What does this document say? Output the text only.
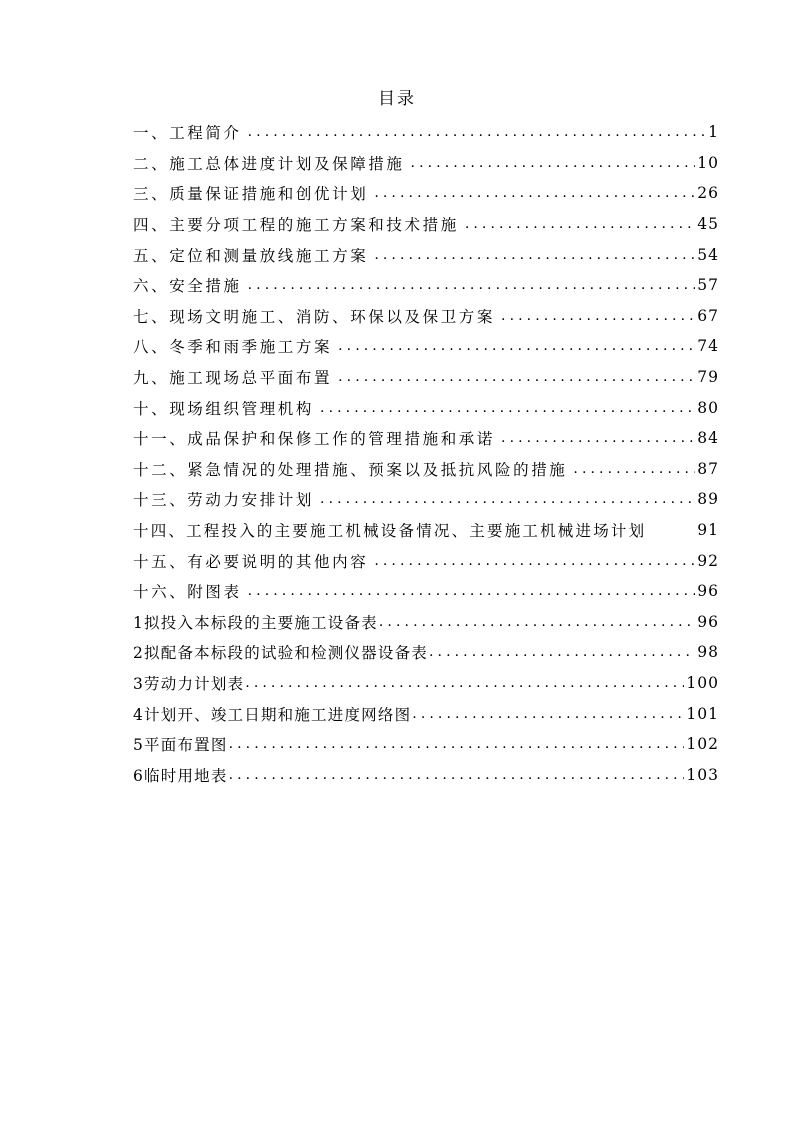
目录
一、工程简介 .....	1
二、施工总体进度计划及保障措施 .....	10
三、质量保证措施和创优计划 .....	26
四、主要分项工程的施工方案和技术措施 .....	45
五、定位和测量放线施工方案 .....	54
六、安全措施 .....	57
七、现场文明施工、消防、环保以及保卫方案 .....	67
八、冬季和雨季施工方案 .....	74
九、施工现场总平面布置 .....	79
十、现场组织管理机构 .....	80
十一、成品保护和保修工作的管理措施和承诺 .....	84
十二、紧急情况的处理措施、预案以及抵抗风险的措施 .....	87
十三、劳动力安排计划 .....	89
十四、工程投入的主要施工机械设备情况、主要施工机械进场计划	91
十五、有必要说明的其他内容 .....	92
十六、附图表 .....	96
1拟投入本标段的主要施工设备表 .....	96
2拟配备本标段的试验和检测仪器设备表 .....	98
3劳动力计划表 .....	100
4计划开、竣工日期和施工进度网络图 .....	101
5平面布置图 .....	102
6临时用地表 .....	103
